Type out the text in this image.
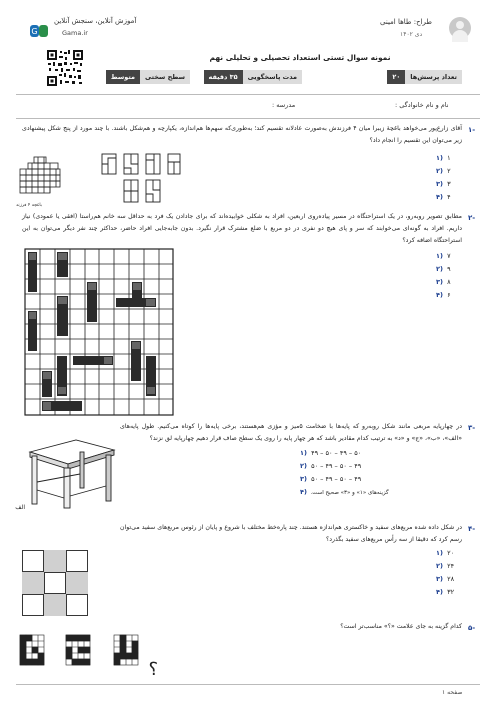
G
آموزش آنلاین، سنجش آنلاین
Gama.ir
طراح: طاها امینی
دی ۱۴۰۲
نمونه سوال تستی استعداد تحصیلی و تحلیلی نهم
تعداد پرسش‌ها
۲۰
مدت پاسخگویی
۳۵ دقیقه
سطح سختی
متوسط
نام و نام خانوادگی :
مدرسه :
-۱
آقای زارع‌پور می‌خواهد باغچهٔ زیبرا میان ۴ فرزندش به‌صورت عادلانه تقسیم کند؛ به‌طوری‌که سهم‌ها هم‌اندازه، یکپارچه و هم‌شکل باشند. با چند مورد از پنج شکل پیشنهادی زیر می‌توان این تقسیم را انجام داد؟
باغچه ۴ فرزند
۱  (۱
۲  (۲
۳  (۳
۴  (۴
-۲
مطابق تصویر روبه‌رو، در یک استراحتگاه در مسیر پیاده‌روی اربعین، افراد به شکلی خوابیده‌اند که برای جادادن یک فرد به حداقل سه خانم هم‌راستا (افقی یا عمودی) نیاز داریم. افراد به گونه‌ای می‌خوابند که سر و پای هیچ دو نفری در دو مربع با ضلع مشترک قرار نگیرد. بدون جابه‌جایی افراد حاضر، حداکثر چند نفر دیگر می‌توان به این استراحتگاه اضافه کرد؟
۷  (۱
۹  (۲
۸  (۳
۶  (۴
-۳
در چهارپایه مربعی مانند شکل روبه‌رو که پایه‌ها با ضخامت ۵میز و مؤزی هم‌هستند، برخی پایه‌ها را کوتاه می‌کنیم. طول پایه‌های «الف»، «ب»، «ج» و «د» به ترتیب کدام مقادیر باشد که هر چهار پایه را روی یک سطح صاف قرار دهیم چهارپایه لق نزند؟
الف
۵۰ – ۴۹ – ۵۰ – ۴۹  (۱
۴۹ – ۵۰ – ۴۹ – ۵۰  (۲
۴۹ – ۵۰ – ۴۹ – ۵۰  (۳
گزینه‌های «۱» و «۳» صحیح است.  (۴
-۴
در شکل داده شده مربع‌های سفید و خاکستری هم‌اندازه هستند. چند پارەخط مختلف با شروع و پایان از رئوس مربع‌های سفید می‌توان رسم کرد که دقیقا از سه رأس مربع‌های سفید بگذرد؟
۲۰  (۱
۲۴  (۲
۲۸  (۳
۳۲  (۴
-۵
کدام گزینه به جای علامت «؟» مناسب‌تر است؟
؟
صفحه ۱
